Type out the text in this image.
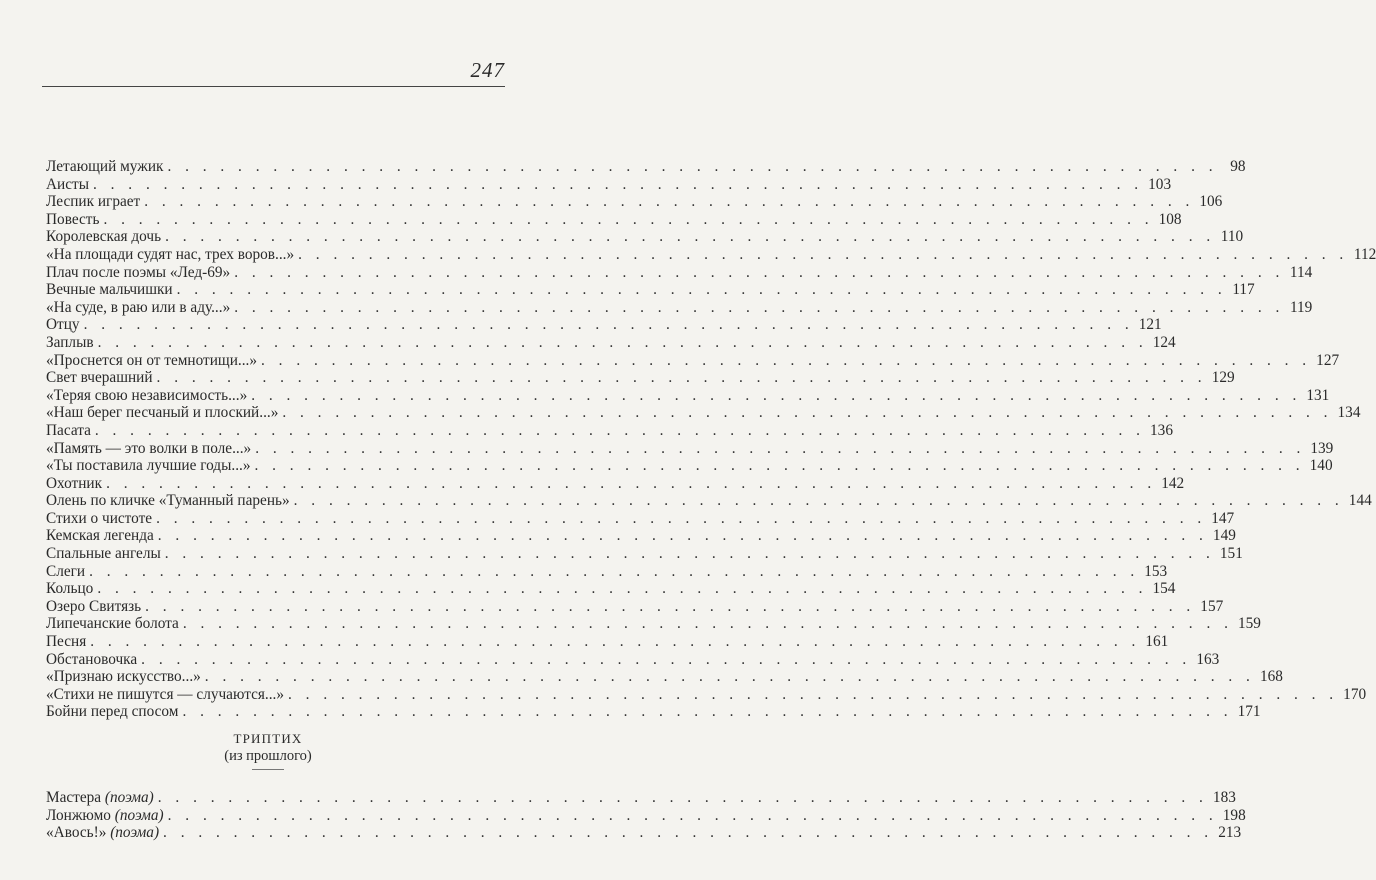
247
Летающий мужик . . . . . . . . . . . . . . . . . . . . . . . . . . . . . . . . . . . . . . . . . . . . . . . . . . . . . . . . . . . . 98
Аисты . . . . . . . . . . . . . . . . . . . . . . . . . . . . . . . . . . . . . . . . . . . . . . . . . . . . . . . . . . . . 103
Леспик играет . . . . . . . . . . . . . . . . . . . . . . . . . . . . . . . . . . . . . . . . . . . . . . . . . . . . . . . . . . . . 106
Повесть . . . . . . . . . . . . . . . . . . . . . . . . . . . . . . . . . . . . . . . . . . . . . . . . . . . . . . . . . . . . 108
Королевская дочь . . . . . . . . . . . . . . . . . . . . . . . . . . . . . . . . . . . . . . . . . . . . . . . . . . . . . . . . . . . . 110
«На площади судят нас, трех воров...» . . . . . . . . . . . . . . . . . . . . . . . . . . . . . . . . . . . . . . . . . . . . . . . . . . . . . . . . . . . . 112
Плач после поэмы «Лед-69» . . . . . . . . . . . . . . . . . . . . . . . . . . . . . . . . . . . . . . . . . . . . . . . . . . . . . . . . . . . . 114
Вечные мальчишки . . . . . . . . . . . . . . . . . . . . . . . . . . . . . . . . . . . . . . . . . . . . . . . . . . . . . . . . . . . . 117
«На суде, в раю или в аду...» . . . . . . . . . . . . . . . . . . . . . . . . . . . . . . . . . . . . . . . . . . . . . . . . . . . . . . . . . . . . 119
Отцу . . . . . . . . . . . . . . . . . . . . . . . . . . . . . . . . . . . . . . . . . . . . . . . . . . . . . . . . . . . . 121
Заплыв . . . . . . . . . . . . . . . . . . . . . . . . . . . . . . . . . . . . . . . . . . . . . . . . . . . . . . . . . . . . 124
«Проснется он от темнотищи...» . . . . . . . . . . . . . . . . . . . . . . . . . . . . . . . . . . . . . . . . . . . . . . . . . . . . . . . . . . . . 127
Свет вчерашний . . . . . . . . . . . . . . . . . . . . . . . . . . . . . . . . . . . . . . . . . . . . . . . . . . . . . . . . . . . . 129
«Теряя свою независимость...» . . . . . . . . . . . . . . . . . . . . . . . . . . . . . . . . . . . . . . . . . . . . . . . . . . . . . . . . . . . . 131
«Наш берег песчаный и плоский...» . . . . . . . . . . . . . . . . . . . . . . . . . . . . . . . . . . . . . . . . . . . . . . . . . . . . . . . . . . . . 134
Пасата . . . . . . . . . . . . . . . . . . . . . . . . . . . . . . . . . . . . . . . . . . . . . . . . . . . . . . . . . . . . 136
«Память — это волки в поле...» . . . . . . . . . . . . . . . . . . . . . . . . . . . . . . . . . . . . . . . . . . . . . . . . . . . . . . . . . . . . 139
«Ты поставила лучшие годы...» . . . . . . . . . . . . . . . . . . . . . . . . . . . . . . . . . . . . . . . . . . . . . . . . . . . . . . . . . . . . 140
Охотник . . . . . . . . . . . . . . . . . . . . . . . . . . . . . . . . . . . . . . . . . . . . . . . . . . . . . . . . . . . . 142
Олень по кличке «Туманный парень» . . . . . . . . . . . . . . . . . . . . . . . . . . . . . . . . . . . . . . . . . . . . . . . . . . . . . . . . . . . . 144
Стихи о чистоте . . . . . . . . . . . . . . . . . . . . . . . . . . . . . . . . . . . . . . . . . . . . . . . . . . . . . . . . . . . . 147
Кемская легенда . . . . . . . . . . . . . . . . . . . . . . . . . . . . . . . . . . . . . . . . . . . . . . . . . . . . . . . . . . . . 149
Спальные ангелы . . . . . . . . . . . . . . . . . . . . . . . . . . . . . . . . . . . . . . . . . . . . . . . . . . . . . . . . . . . . 151
Слеги . . . . . . . . . . . . . . . . . . . . . . . . . . . . . . . . . . . . . . . . . . . . . . . . . . . . . . . . . . . . 153
Кольцо . . . . . . . . . . . . . . . . . . . . . . . . . . . . . . . . . . . . . . . . . . . . . . . . . . . . . . . . . . . . 154
Озеро Свитязь . . . . . . . . . . . . . . . . . . . . . . . . . . . . . . . . . . . . . . . . . . . . . . . . . . . . . . . . . . . . 157
Липечанские болота . . . . . . . . . . . . . . . . . . . . . . . . . . . . . . . . . . . . . . . . . . . . . . . . . . . . . . . . . . . . 159
Песня . . . . . . . . . . . . . . . . . . . . . . . . . . . . . . . . . . . . . . . . . . . . . . . . . . . . . . . . . . . . 161
Обстановочка . . . . . . . . . . . . . . . . . . . . . . . . . . . . . . . . . . . . . . . . . . . . . . . . . . . . . . . . . . . . 163
«Признаю искусство...» . . . . . . . . . . . . . . . . . . . . . . . . . . . . . . . . . . . . . . . . . . . . . . . . . . . . . . . . . . . . 168
«Стихи не пишутся — случаются...» . . . . . . . . . . . . . . . . . . . . . . . . . . . . . . . . . . . . . . . . . . . . . . . . . . . . . . . . . . . . 170
Бойни перед спосом . . . . . . . . . . . . . . . . . . . . . . . . . . . . . . . . . . . . . . . . . . . . . . . . . . . . . . . . . . . . 171
ТРИПТИХ
(из прошлого)
Мастера (поэма) . . . . . . . . . . . . . . . . . . . . . . . . . . . . . . . . . . . . . . . . . . . . . . . . . . . . . . . . . . . . 183
Лонжюмо (поэма) . . . . . . . . . . . . . . . . . . . . . . . . . . . . . . . . . . . . . . . . . . . . . . . . . . . . . . . . . . . . 198
«Авось!» (поэма) . . . . . . . . . . . . . . . . . . . . . . . . . . . . . . . . . . . . . . . . . . . . . . . . . . . . . . . . . . . . 213
